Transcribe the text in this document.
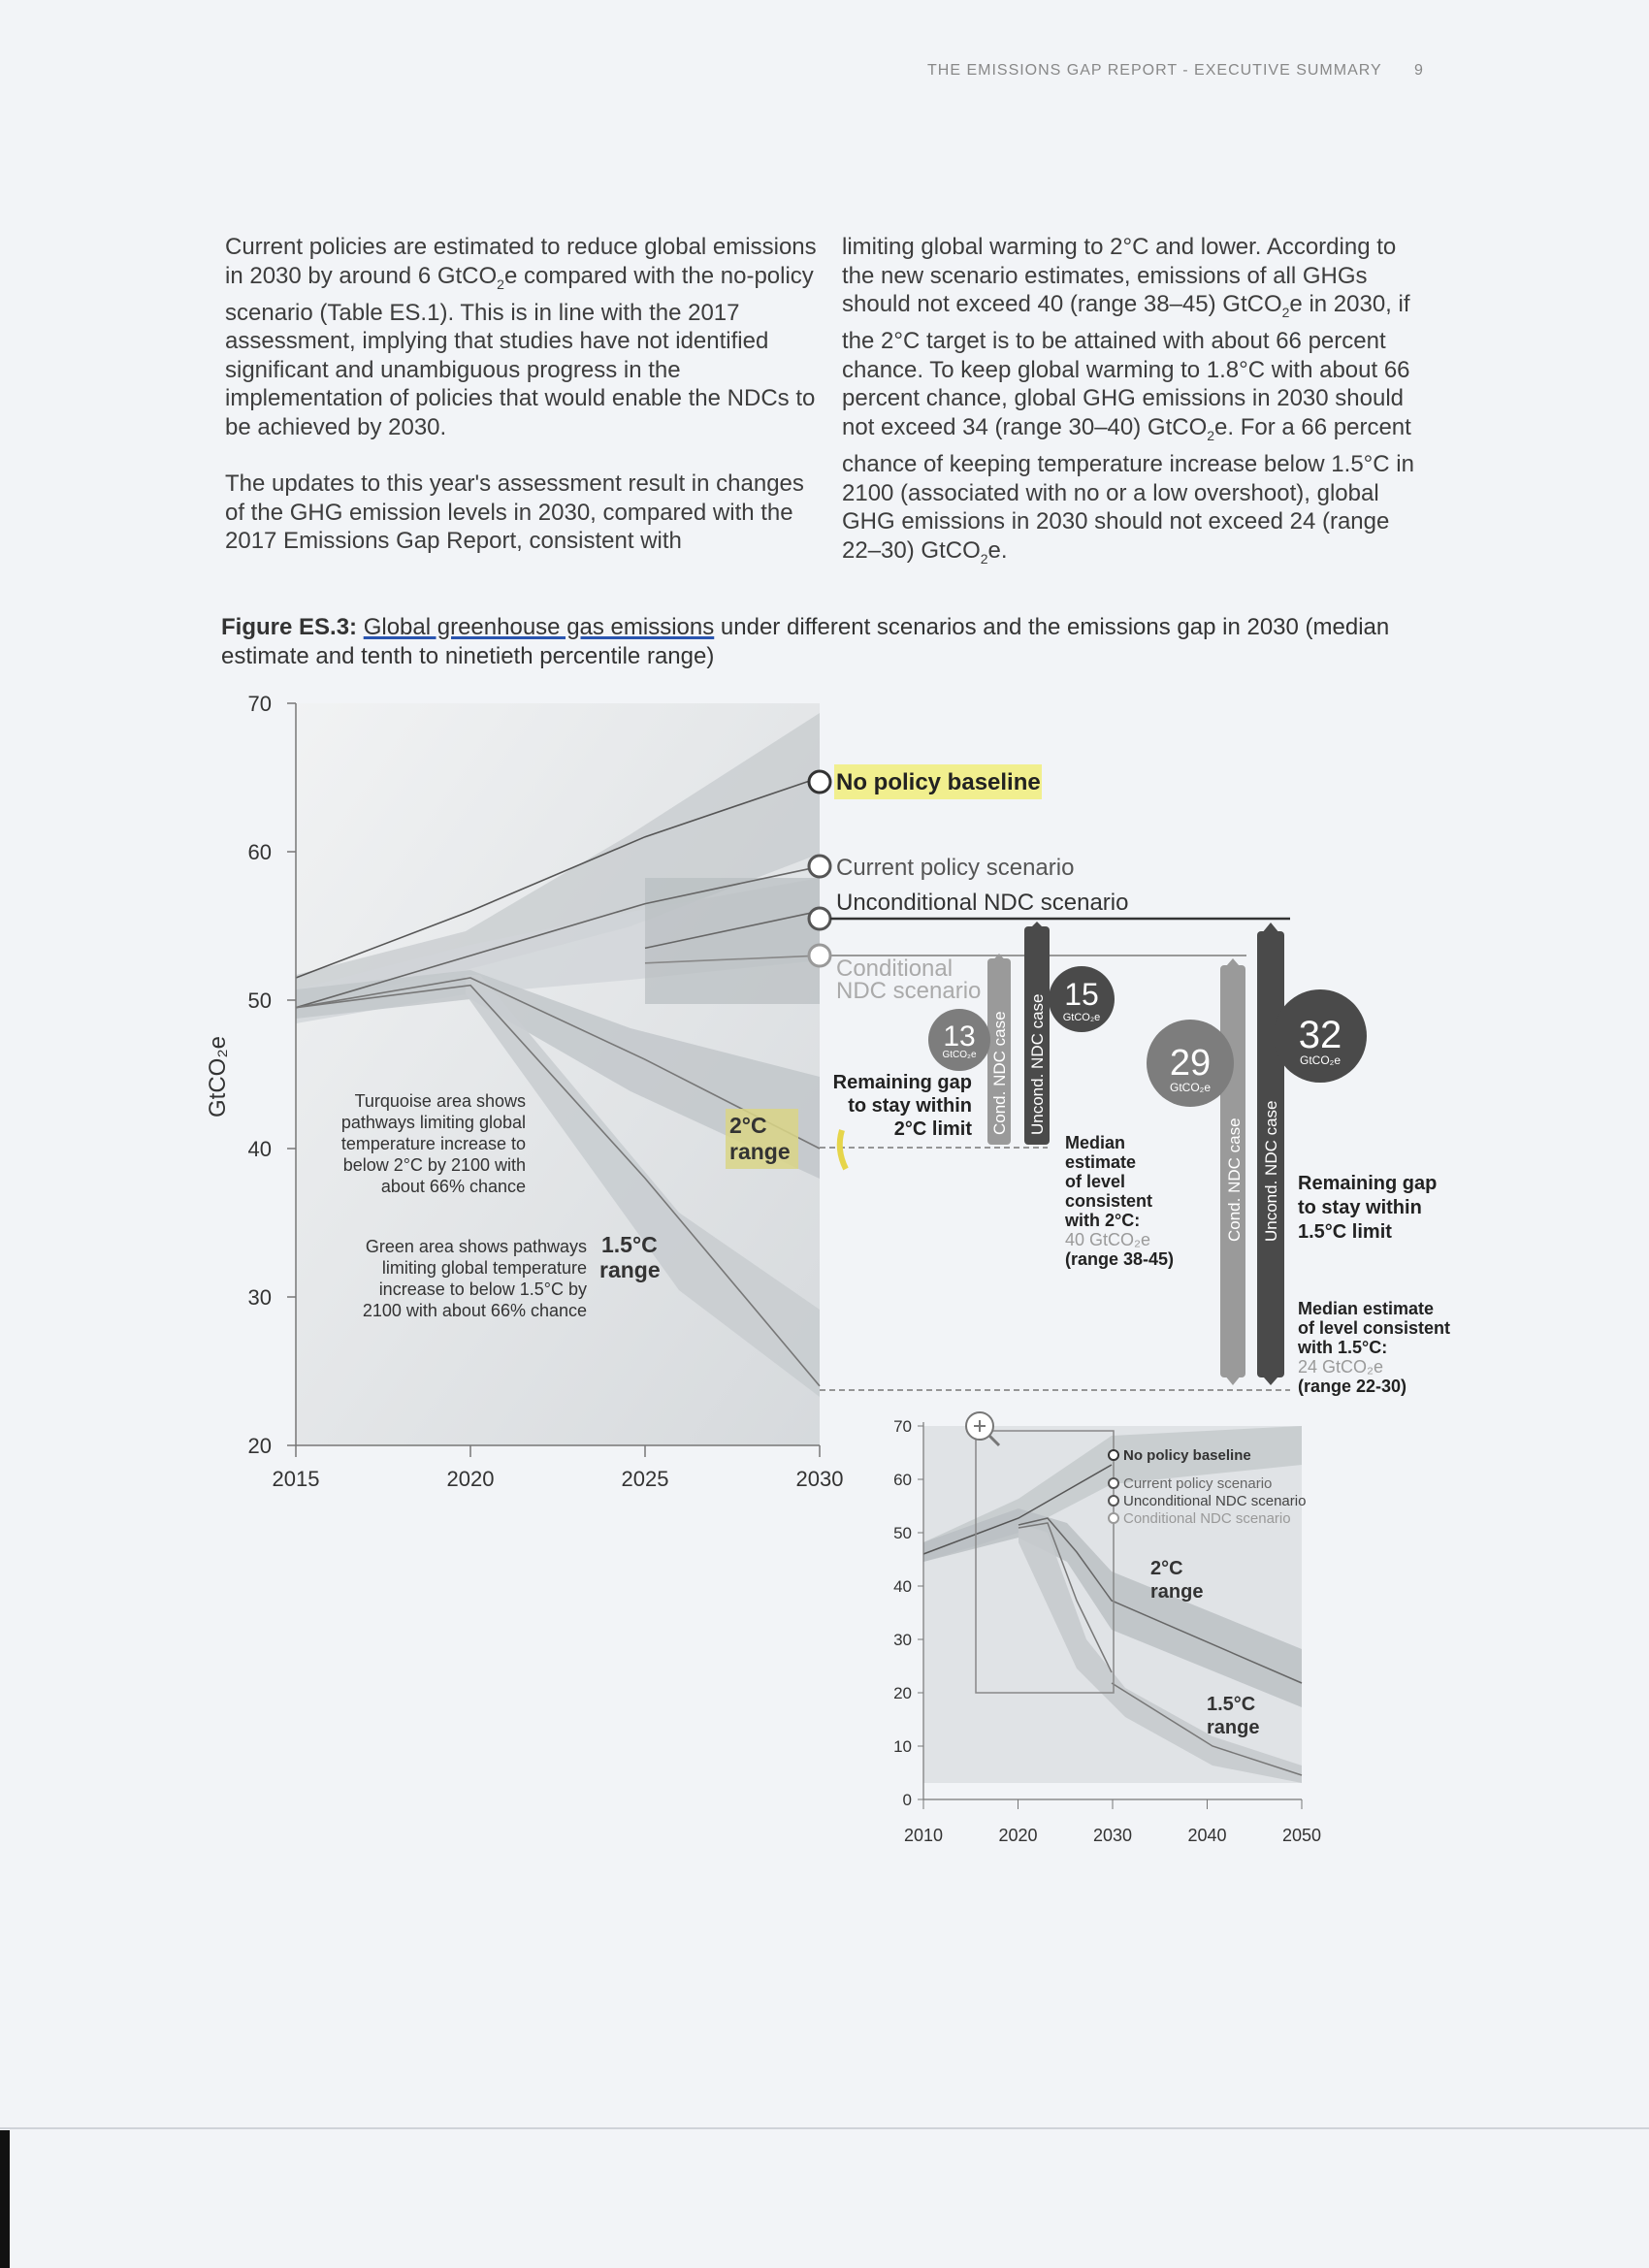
THE EMISSIONS GAP REPORT - EXECUTIVE SUMMARY 9

Current policies are estimated to reduce global emissions in 2030 by around 6 GtCO$_2$e compared with the no-policy scenario (Table ES.1). This is in line with the 2017 assessment, implying that studies have not identified significant and unambiguous progress in the implementation of policies that would enable the NDCs to be achieved by 2030.

The updates to this year's assessment result in changes of the GHG emission levels in 2030, compared with the 2017 Emissions Gap Report, consistent with

limiting global warming to 2°C and lower. According to the new scenario estimates, emissions of all GHGs should not exceed 40 (range 38–45) GtCO$_2$e in 2030, if the 2°C target is to be attained with about 66 percent chance. To keep global warming to 1.8°C with about 66 percent chance, global GHG emissions in 2030 should not exceed 34 (range 30–40) GtCO$_2$e. For a 66 percent chance of keeping temperature increase below 1.5°C in 2100 (associated with no or a low overshoot), global GHG emissions in 2030 should not exceed 24 (range 22–30) GtCO$_2$e.

Figure ES.3: Global greenhouse gas emissions under different scenarios and the emissions gap in 2030 (median estimate and tenth to ninetieth percentile range)
70
60
50
40
30
20
2015	2020	2025	2030
GtCO₂e
No policy baseline
Current policy scenario
Unconditional NDC scenario
Conditional
NDC scenario
2°C
range
1.5°C
range
Turquoise area shows
pathways limiting global
temperature increase to
below 2°C by 2100 with
about 66% chance
Green area shows pathways
limiting global temperature
increase to below 1.5°C by
2100 with about 66% chance
Remaining gap
to stay within
2°C limit Cond. NDC case Uncond. NDC case
13
GtCO₂e
15
GtCO₂e
Median
estimate
of level
consistent
with 2°C:
40 GtCO₂e
(range 38-45)
Cond. NDC case Uncond. NDC case
29
GtCO₂e
32
GtCO₂e
Remaining gap
to stay within
1.5°C limit
Median estimate
of level consistent
with 1.5°C:
24 GtCO₂e
(range 22-30)
70
60
50
40
30
20
10
0
2010	2020	2030	2040	2050
No policy baseline
Current policy scenario
Unconditional NDC scenario
Conditional NDC scenario
2°C
range
1.5°C
range
